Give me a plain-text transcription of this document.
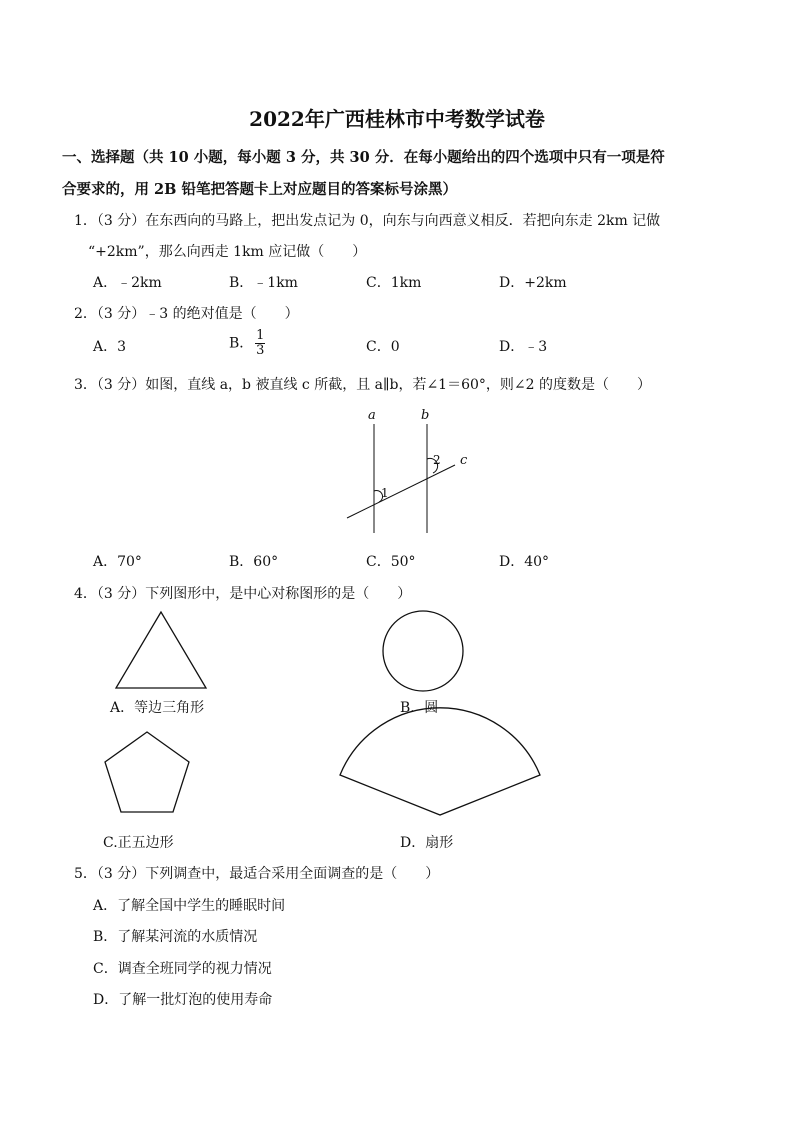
2022年广西桂林市中考数学试卷
一、选择题（共 10 小题，每小题 3 分，共 30 分．在每小题给出的四个选项中只有一项是符
合要求的，用 2B 铅笔把答题卡上对应题目的答案标号涂黑）
1．（3 分）在东西向的马路上，把出发点记为 0，向东与向西意义相反．若把向东走 2km 记做
“+2km”，那么向西走 1km 应记做（　　）
A．﹣2km	B．﹣1km	C．1km	D．+2km
2．（3 分）﹣3 的绝对值是（　　）
A．3	B． $\frac{1}{3}$	C．0	D．﹣3
3．（3 分）如图，直线 a，b 被直线 c 所截，且 a∥b，若∠1＝60°，则∠2 的度数是（　　）
a	b
c
1
2
A．70°	B．60°	C．50°	D．40°
4．（3 分）下列图形中，是中心对称图形的是（　　）
A．等边三角形	B．圆
C.正五边形	D．扇形
5．（3 分）下列调查中，最适合采用全面调查的是（　　）
A．了解全国中学生的睡眠时间
B．了解某河流的水质情况
C．调查全班同学的视力情况
D．了解一批灯泡的使用寿命
